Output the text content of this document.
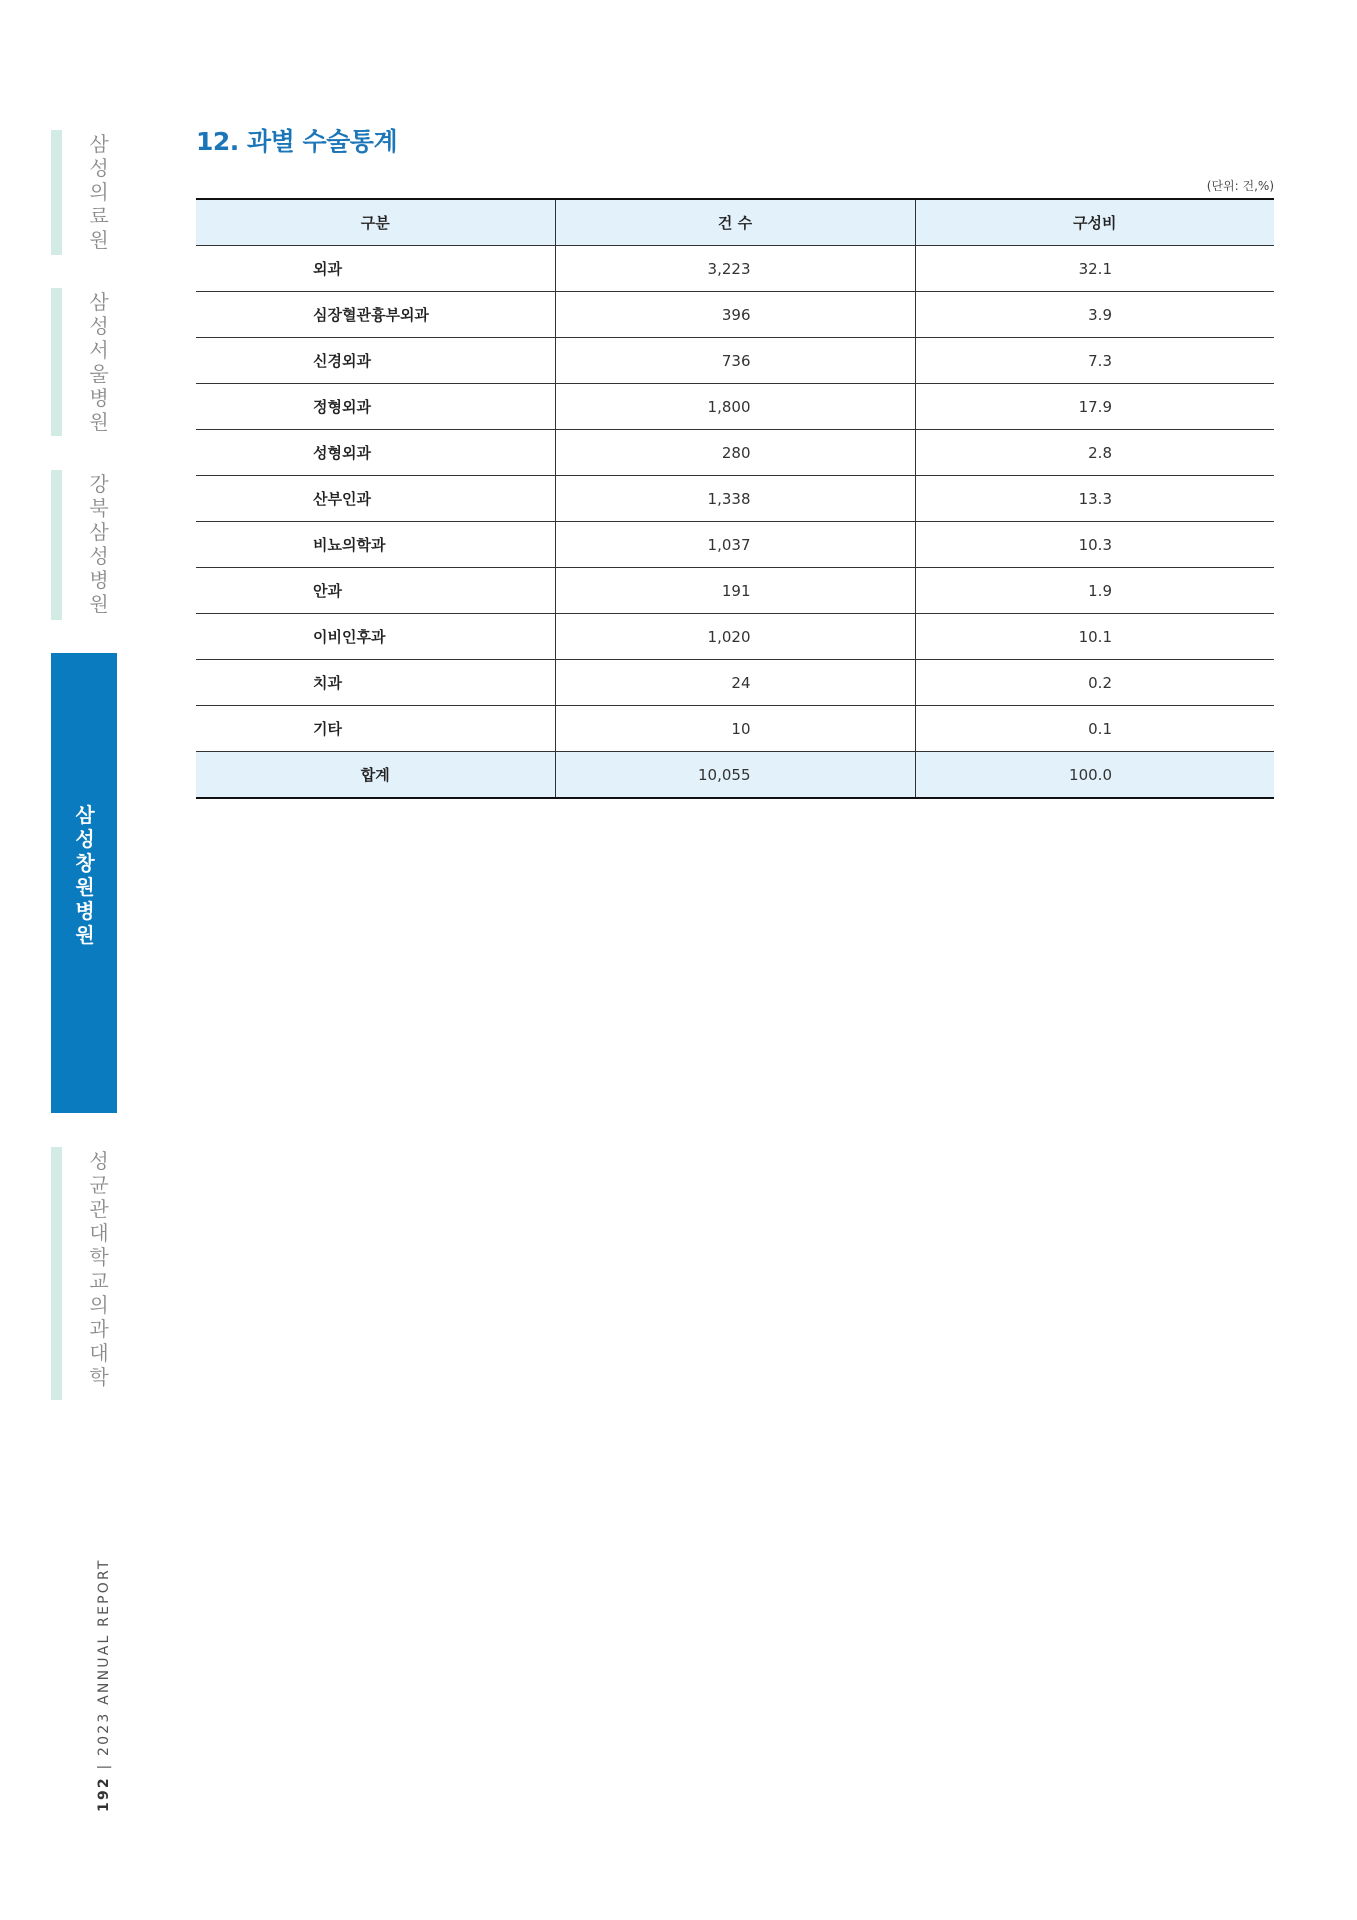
삼성의료원
삼성서울병원
강북삼성병원
삼성창원병원
성균관대학교 의과대학
192 | 2023 ANNUAL REPORT
12. 과별 수술통계
(단위: 건,%)
구분	건 수	구성비
외과	3,223	32.1
심장혈관흉부외과	396	3.9
신경외과	736	7.3
정형외과	1,800	17.9
성형외과	280	2.8
산부인과	1,338	13.3
비뇨의학과	1,037	10.3
안과	191	1.9
이비인후과	1,020	10.1
치과	24	0.2
기타	10	0.1
합계	10,055	100.0
